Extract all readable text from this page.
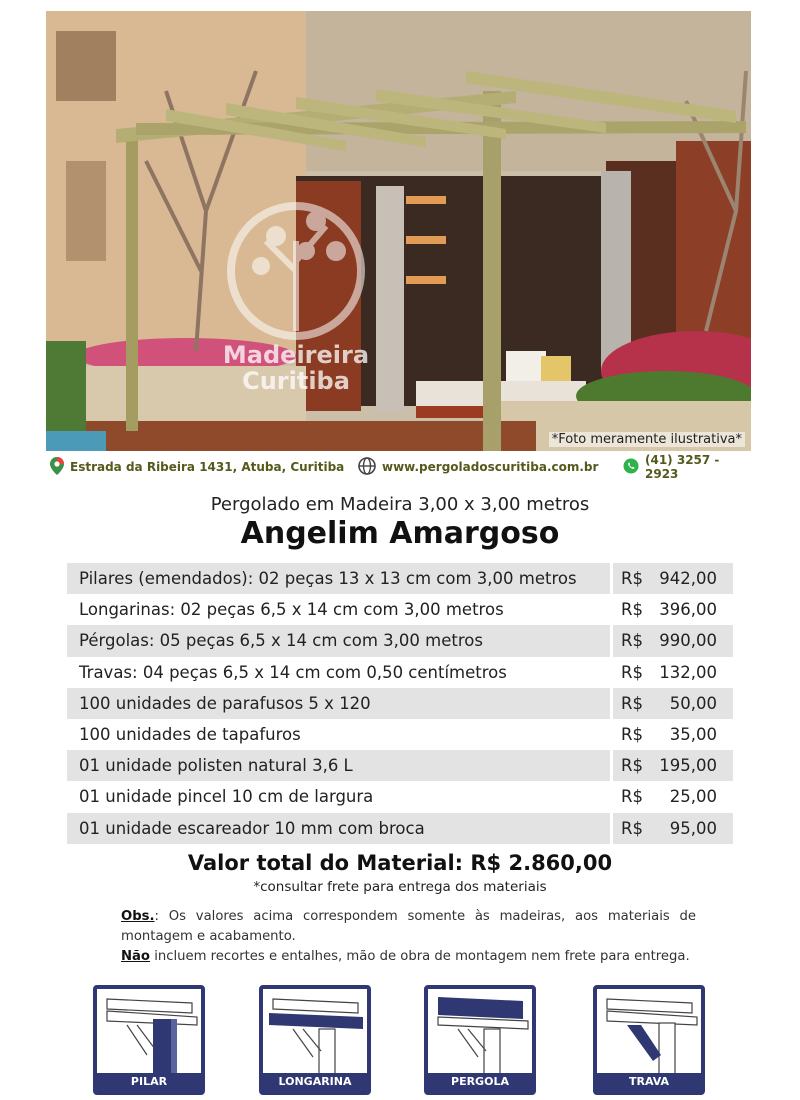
Madeireira
Curitiba
*Foto meramente ilustrativa*
Estrada da Ribeira 1431, Atuba, Curitiba	www.pergoladoscuritiba.com.br	(41) 3257 - 2923
Pergolado em Madeira 3,00 x 3,00 metros
Angelim Amargoso
Pilares (emendados): 02 peças 13 x 13 cm com 3,00 metros	R$ 942,00
Longarinas: 02 peças 6,5 x 14 cm com 3,00 metros	R$ 396,00
Pérgolas: 05 peças 6,5 x 14 cm com 3,00 metros	R$ 990,00
Travas: 04 peças 6,5 x 14 cm com 0,50 centímetros	R$ 132,00
100 unidades de parafusos 5 x 120	R$	50,00
100 unidades de tapafuros	R$	35,00
01 unidade polisten natural 3,6 L	R$ 195,00
01 unidade pincel 10 cm de largura	R$	25,00
01 unidade escareador 10 mm com broca	R$	95,00
Valor total do Material: R$ 2.860,00
*consultar frete para entrega dos materiais
Obs.: Os valores acima correspondem somente às madeiras, aos materiais de montagem e acabamento.
Não incluem recortes e entalhes, mão de obra de montagem nem frete para entrega.
PILAR	LONGARINA	PERGOLA	TRAVA
